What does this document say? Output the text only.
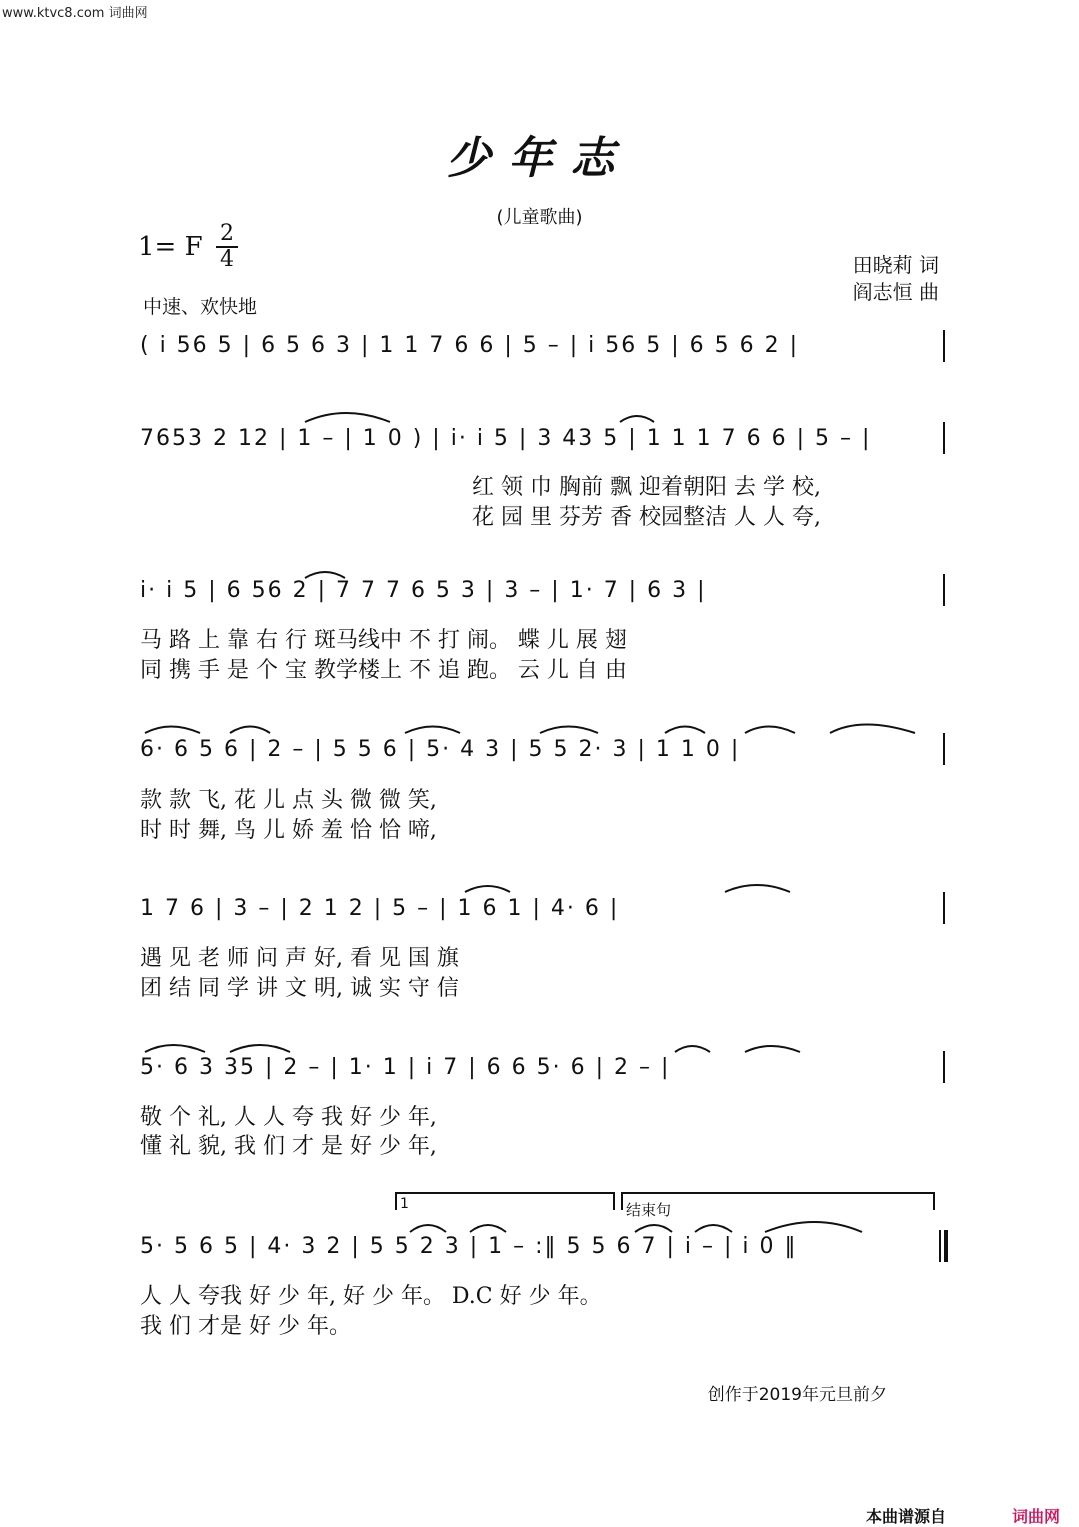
www.ktvc8.com 词曲网
少年志
(儿童歌曲)
1= F 2
4
中速、欢快地
田晓莉 词
阎志恒 曲
( i 56 5 | 6 5 6 3 | 1 1 7 6 6 | 5 – | i 56 5 | 6 5 6 2 |
7653 2 12 | 1 – | 1 0 ) | i· i 5 | 3 43 5 | 1 1 1 7 6 6 | 5 – |
红 领 巾 胸前 飘 迎着朝阳 去 学 校,
花 园 里 芬芳 香 校园整洁 人 人 夸,
i· i 5 | 6 56 2 | 7 7 7 6 5 3 | 3 – | 1· 7 | 6 3 |
马 路 上 靠 右 行 斑马线中 不 打 闹。 蝶 儿 展 翅
同 携 手 是 个 宝 教学楼上 不 追 跑。 云 儿 自 由
6· 6 5 6 | 2 – | 5 5 6 | 5· 4 3 | 5 5 2· 3 | 1 1 0 |
款 款 飞, 花 儿 点 头 微 微 笑,
时 时 舞, 鸟 儿 娇 羞 恰 恰 啼,
1 7 6 | 3 – | 2 1 2 | 5 – | 1 6 1 | 4· 6 |
遇 见 老 师 问 声 好, 看 见 国 旗
团 结 同 学 讲 文 明, 诚 实 守 信
5· 6 3 35 | 2 – | 1· 1 | i 7 | 6 6 5· 6 | 2 – |
敬 个 礼, 人 人 夸 我 好 少 年,
懂 礼 貌, 我 们 才 是 好 少 年,
1	结束句
5· 5 6 5 | 4· 3 2 | 5 5 2 3 | 1 – :‖ 5 5 6 7 | i – | i 0 ‖
人 人 夸我 好 少 年, 好 少 年。 D.C 好 少 年。
我 们 才是 好 少 年。
创作于2019年元旦前夕
本曲谱源自	词曲网
